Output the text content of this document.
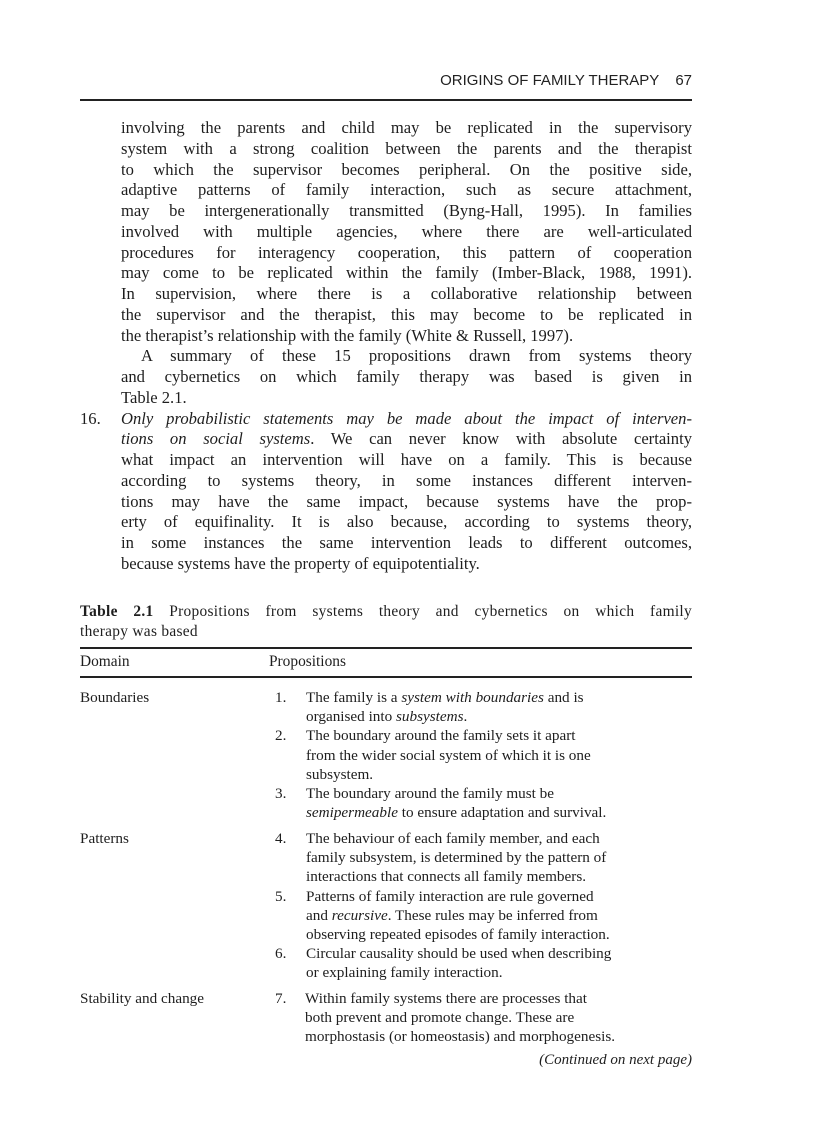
ORIGINS OF FAMILY THERAPY 67
involving the parents and child may be replicated in the supervisory
system with a strong coalition between the parents and the therapist
to which the supervisor becomes peripheral. On the positive side,
adaptive patterns of family interaction, such as secure attachment,
may be intergenerationally transmitted (Byng-Hall, 1995). In families
involved with multiple agencies, where there are well-articulated
procedures for interagency cooperation, this pattern of cooperation
may come to be replicated within the family (Imber-Black, 1988, 1991).
In supervision, where there is a collaborative relationship between
the supervisor and the therapist, this may become to be replicated in
the therapist’s relationship with the family (White & Russell, 1997).
A summary of these 15 propositions drawn from systems theory
and cybernetics on which family therapy was based is given in
Table 2.1.
16. Only probabilistic statements may be made about the impact of interven-
tions on social systems. We can never know with absolute certainty
what impact an intervention will have on a family. This is because
according to systems theory, in some instances different interven-
tions may have the same impact, because systems have the prop-
erty of equifinality. It is also because, according to systems theory,
in some instances the same intervention leads to different outcomes,
because systems have the property of equipotentiality.
Table 2.1 Propositions from systems theory and cybernetics on which family
therapy was based
Domain	Propositions
Boundaries	1. The family is a system with boundaries and is
organised into subsystems.
2. The boundary around the family sets it apart
from the wider social system of which it is one
subsystem.
3. The boundary around the family must be
semipermeable to ensure adaptation and survival.
Patterns	4. The behaviour of each family member, and each
family subsystem, is determined by the pattern of
interactions that connects all family members.
5. Patterns of family interaction are rule governed
and recursive. These rules may be inferred from
observing repeated episodes of family interaction.
6. Circular causality should be used when describing
or explaining family interaction.
Stability and change	7. Within family systems there are processes that
both prevent and promote change. These are
morphostasis (or homeostasis) and morphogenesis.
(Continued on next page)
